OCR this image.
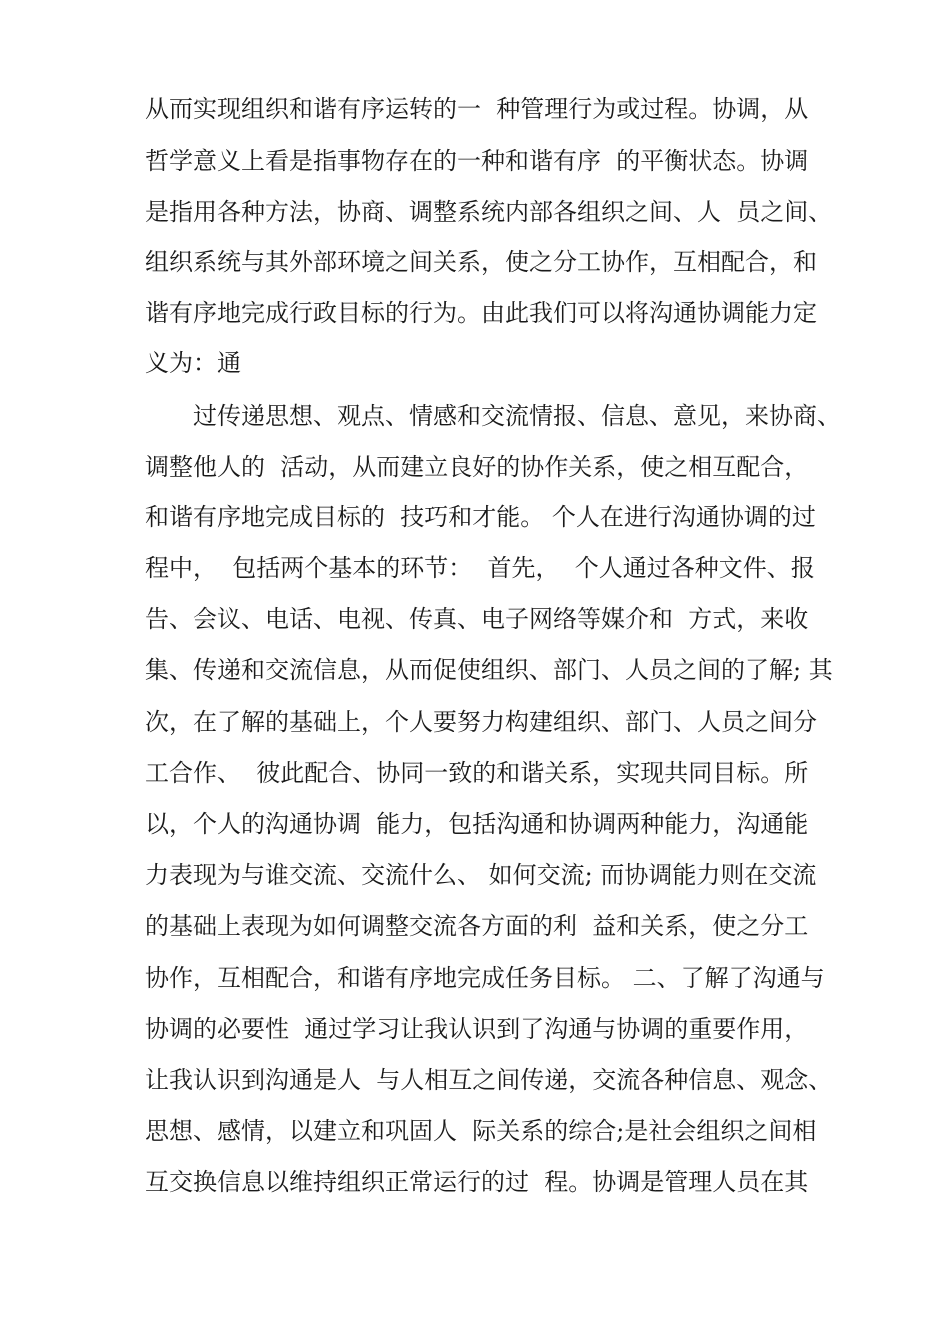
从而实现组织和谐有序运转的一  种管理行为或过程。协调，从
哲学意义上看是指事物存在的一种和谐有序  的平衡状态。协调
是指用各种方法，协商、调整系统内部各组织之间、人  员之间、
组织系统与其外部环境之间关系，使之分工协作，互相配合，和
谐有序地完成行政目标的行为。由此我们可以将沟通协调能力定
义为：通
过传递思想、观点、情感和交流情报、信息、意见，来协商、
调整他人的  活动，从而建立良好的协作关系，使之相互配合，
和谐有序地完成目标的  技巧和才能。 个人在进行沟通协调的过
程中，  包括两个基本的环节：  首先，  个人通过各种文件、报
告、会议、电话、电视、传真、电子网络等媒介和  方式，来收
集、传递和交流信息，从而促使组织、部门、人员之间的了解; 其
次，在了解的基础上，个人要努力构建组织、部门、人员之间分
工合作、  彼此配合、协同一致的和谐关系，实现共同目标。所
以，个人的沟通协调  能力，包括沟通和协调两种能力，沟通能
力表现为与谁交流、交流什么、 如何交流; 而协调能力则在交流
的基础上表现为如何调整交流各方面的利  益和关系，使之分工
协作，互相配合，和谐有序地完成任务目标。 二、了解了沟通与
协调的必要性  通过学习让我认识到了沟通与协调的重要作用，
让我认识到沟通是人  与人相互之间传递，交流各种信息、观念、
思想、感情，以建立和巩固人  际关系的综合;是社会组织之间相
互交换信息以维持组织正常运行的过  程。协调是管理人员在其
